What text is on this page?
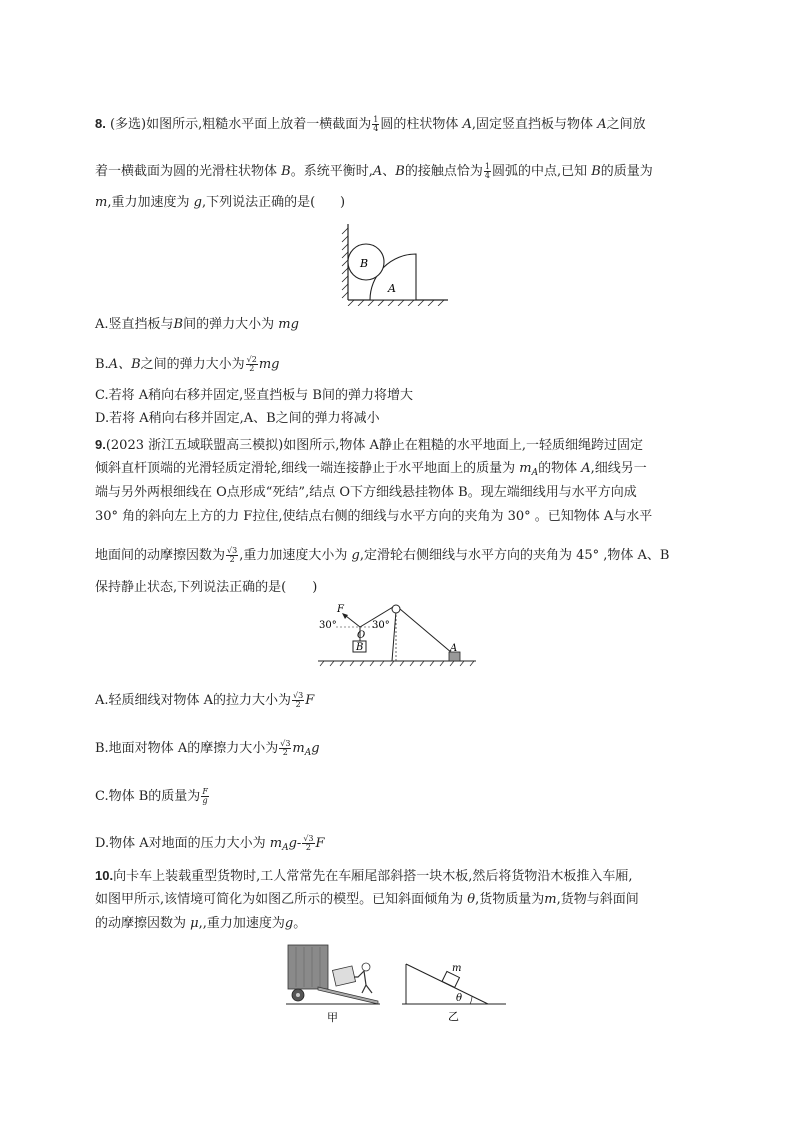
8. (多选)如图所示,粗糙水平面上放着一横截面为 $\frac{1}{4}$ 圆的柱状物体 A,固定竖直挡板与物体 A之间放
着一横截面为圆的光滑柱状物体 B。系统平衡时,A、B的接触点恰为 $\frac{1}{4}$ 圆弧的中点,已知 B的质量为
m,重力加速度为 g,下列说法正确的是( )
B
A
A.竖直挡板与B间的弹力大小为 mg
B.A、B之间的弹力大小为 $\frac{√2}{2}$ mg
C.若将 A稍向右移并固定,竖直挡板与 B间的弹力将增大
D.若将 A稍向右移并固定,A、B之间的弹力将减小
9.(2023 浙江五域联盟高三模拟)如图所示,物体 A静止在粗糙的水平地面上,一轻质细绳跨过固定
倾斜直杆顶端的光滑轻质定滑轮,细线一端连接静止于水平地面上的质量为 $m_A$的物体 A,细线另一
端与另外两根细线在 O点形成“死结”,结点 O下方细线悬挂物体 B。现左端细线用与水平方向成
30° 角的斜向左上方的力 F拉住,使结点右侧的细线与水平方向的夹角为 30° 。已知物体 A与水平
地面间的动摩擦因数为 $\frac{√3}{2}$ ,重力加速度大小为 g,定滑轮右侧细线与水平方向的夹角为 45° ,物体 A、B
保持静止状态,下列说法正确的是(　　)
F
30°	30°
O
B	A
A.轻质细线对物体 A的拉力大小为 $\frac{√3}{2}$ F
B.地面对物体 A的摩擦力大小为 $\frac{√3}{2} m_Ag$
C.物体 B的质量为 $\frac{F}{g}$
D.物体 A对地面的压力大小为 $m_Ag- \frac{√3}{2}$ F
10.向卡车上装载重型货物时,工人常常先在车厢尾部斜搭一块木板,然后将货物沿木板推入车厢,
如图甲所示,该情境可简化为如图乙所示的模型。已知斜面倾角为 θ,货物质量为m,货物与斜面间
的动摩擦因数为 μ,,重力加速度为g。
甲
m
θ
乙
